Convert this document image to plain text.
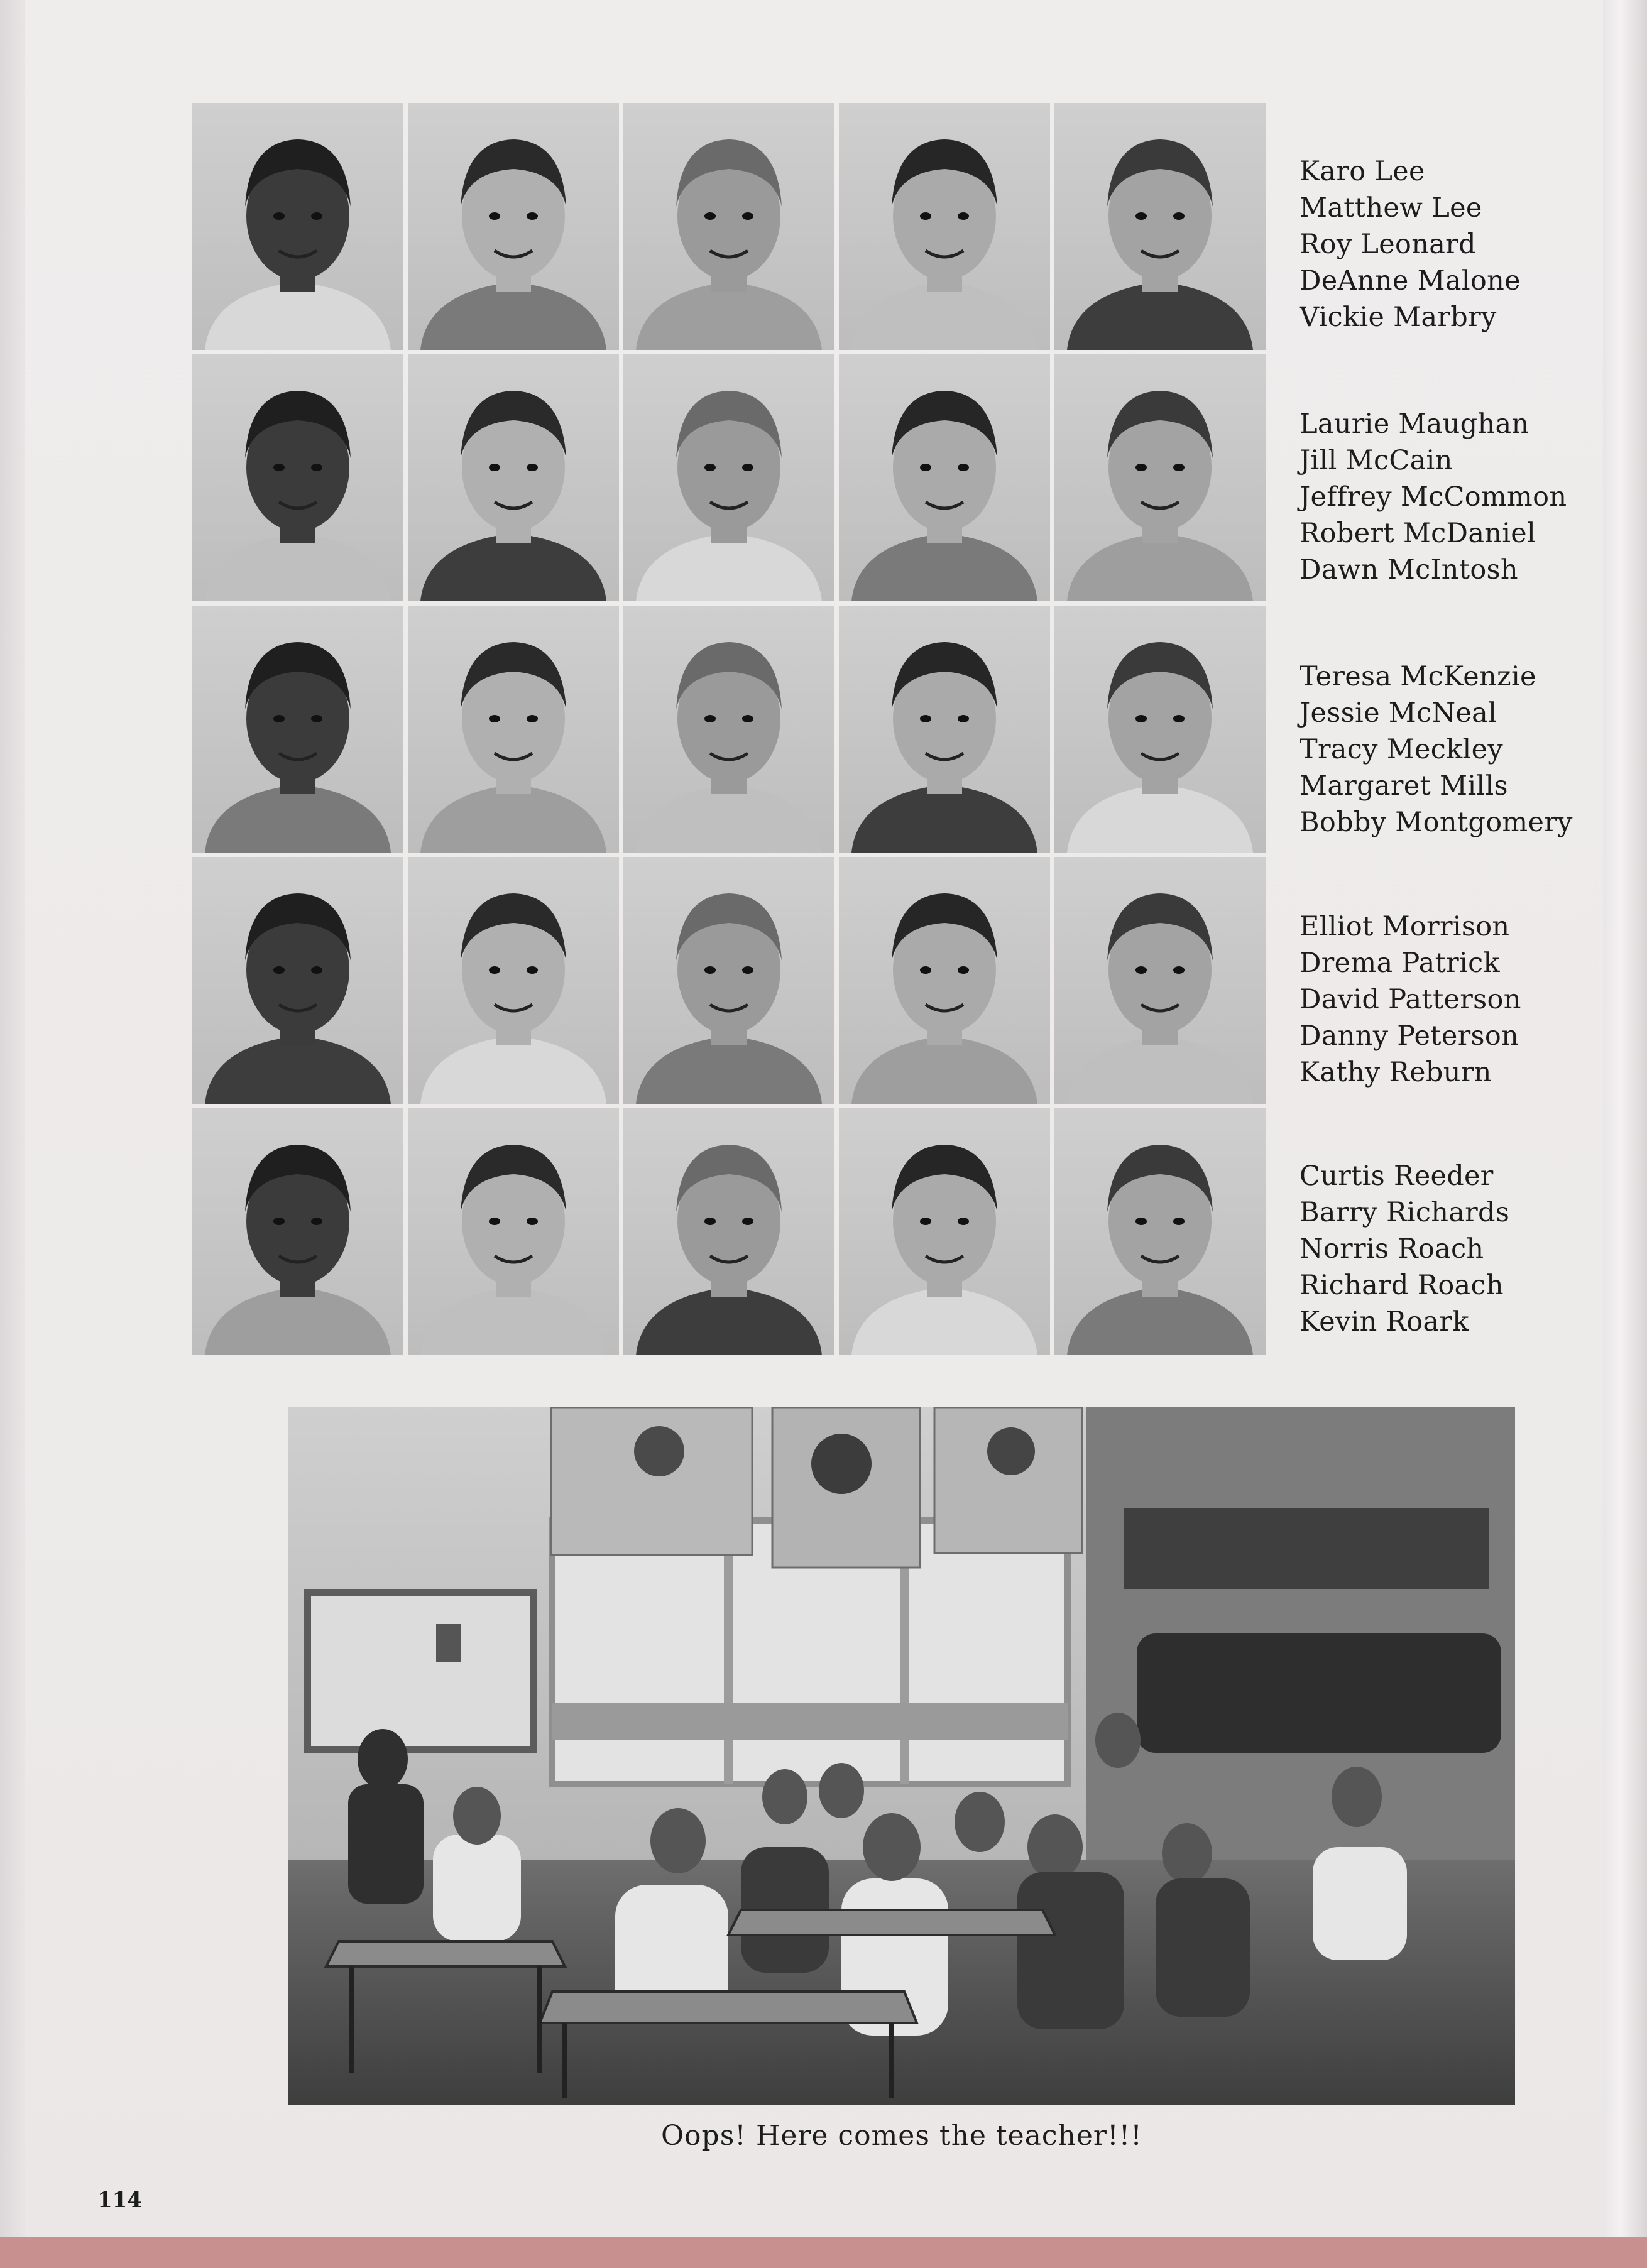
Karo Lee
Matthew Lee
Roy Leonard
DeAnne Malone
Vickie Marbry
Laurie Maughan
Jill McCain
Jeffrey McCommon
Robert McDaniel
Dawn McIntosh
Teresa McKenzie
Jessie McNeal
Tracy Meckley
Margaret Mills
Bobby Montgomery
Elliot Morrison
Drema Patrick
David Patterson
Danny Peterson
Kathy Reburn
Curtis Reeder
Barry Richards
Norris Roach
Richard Roach
Kevin Roark
Oops! Here comes the teacher!!!
114
